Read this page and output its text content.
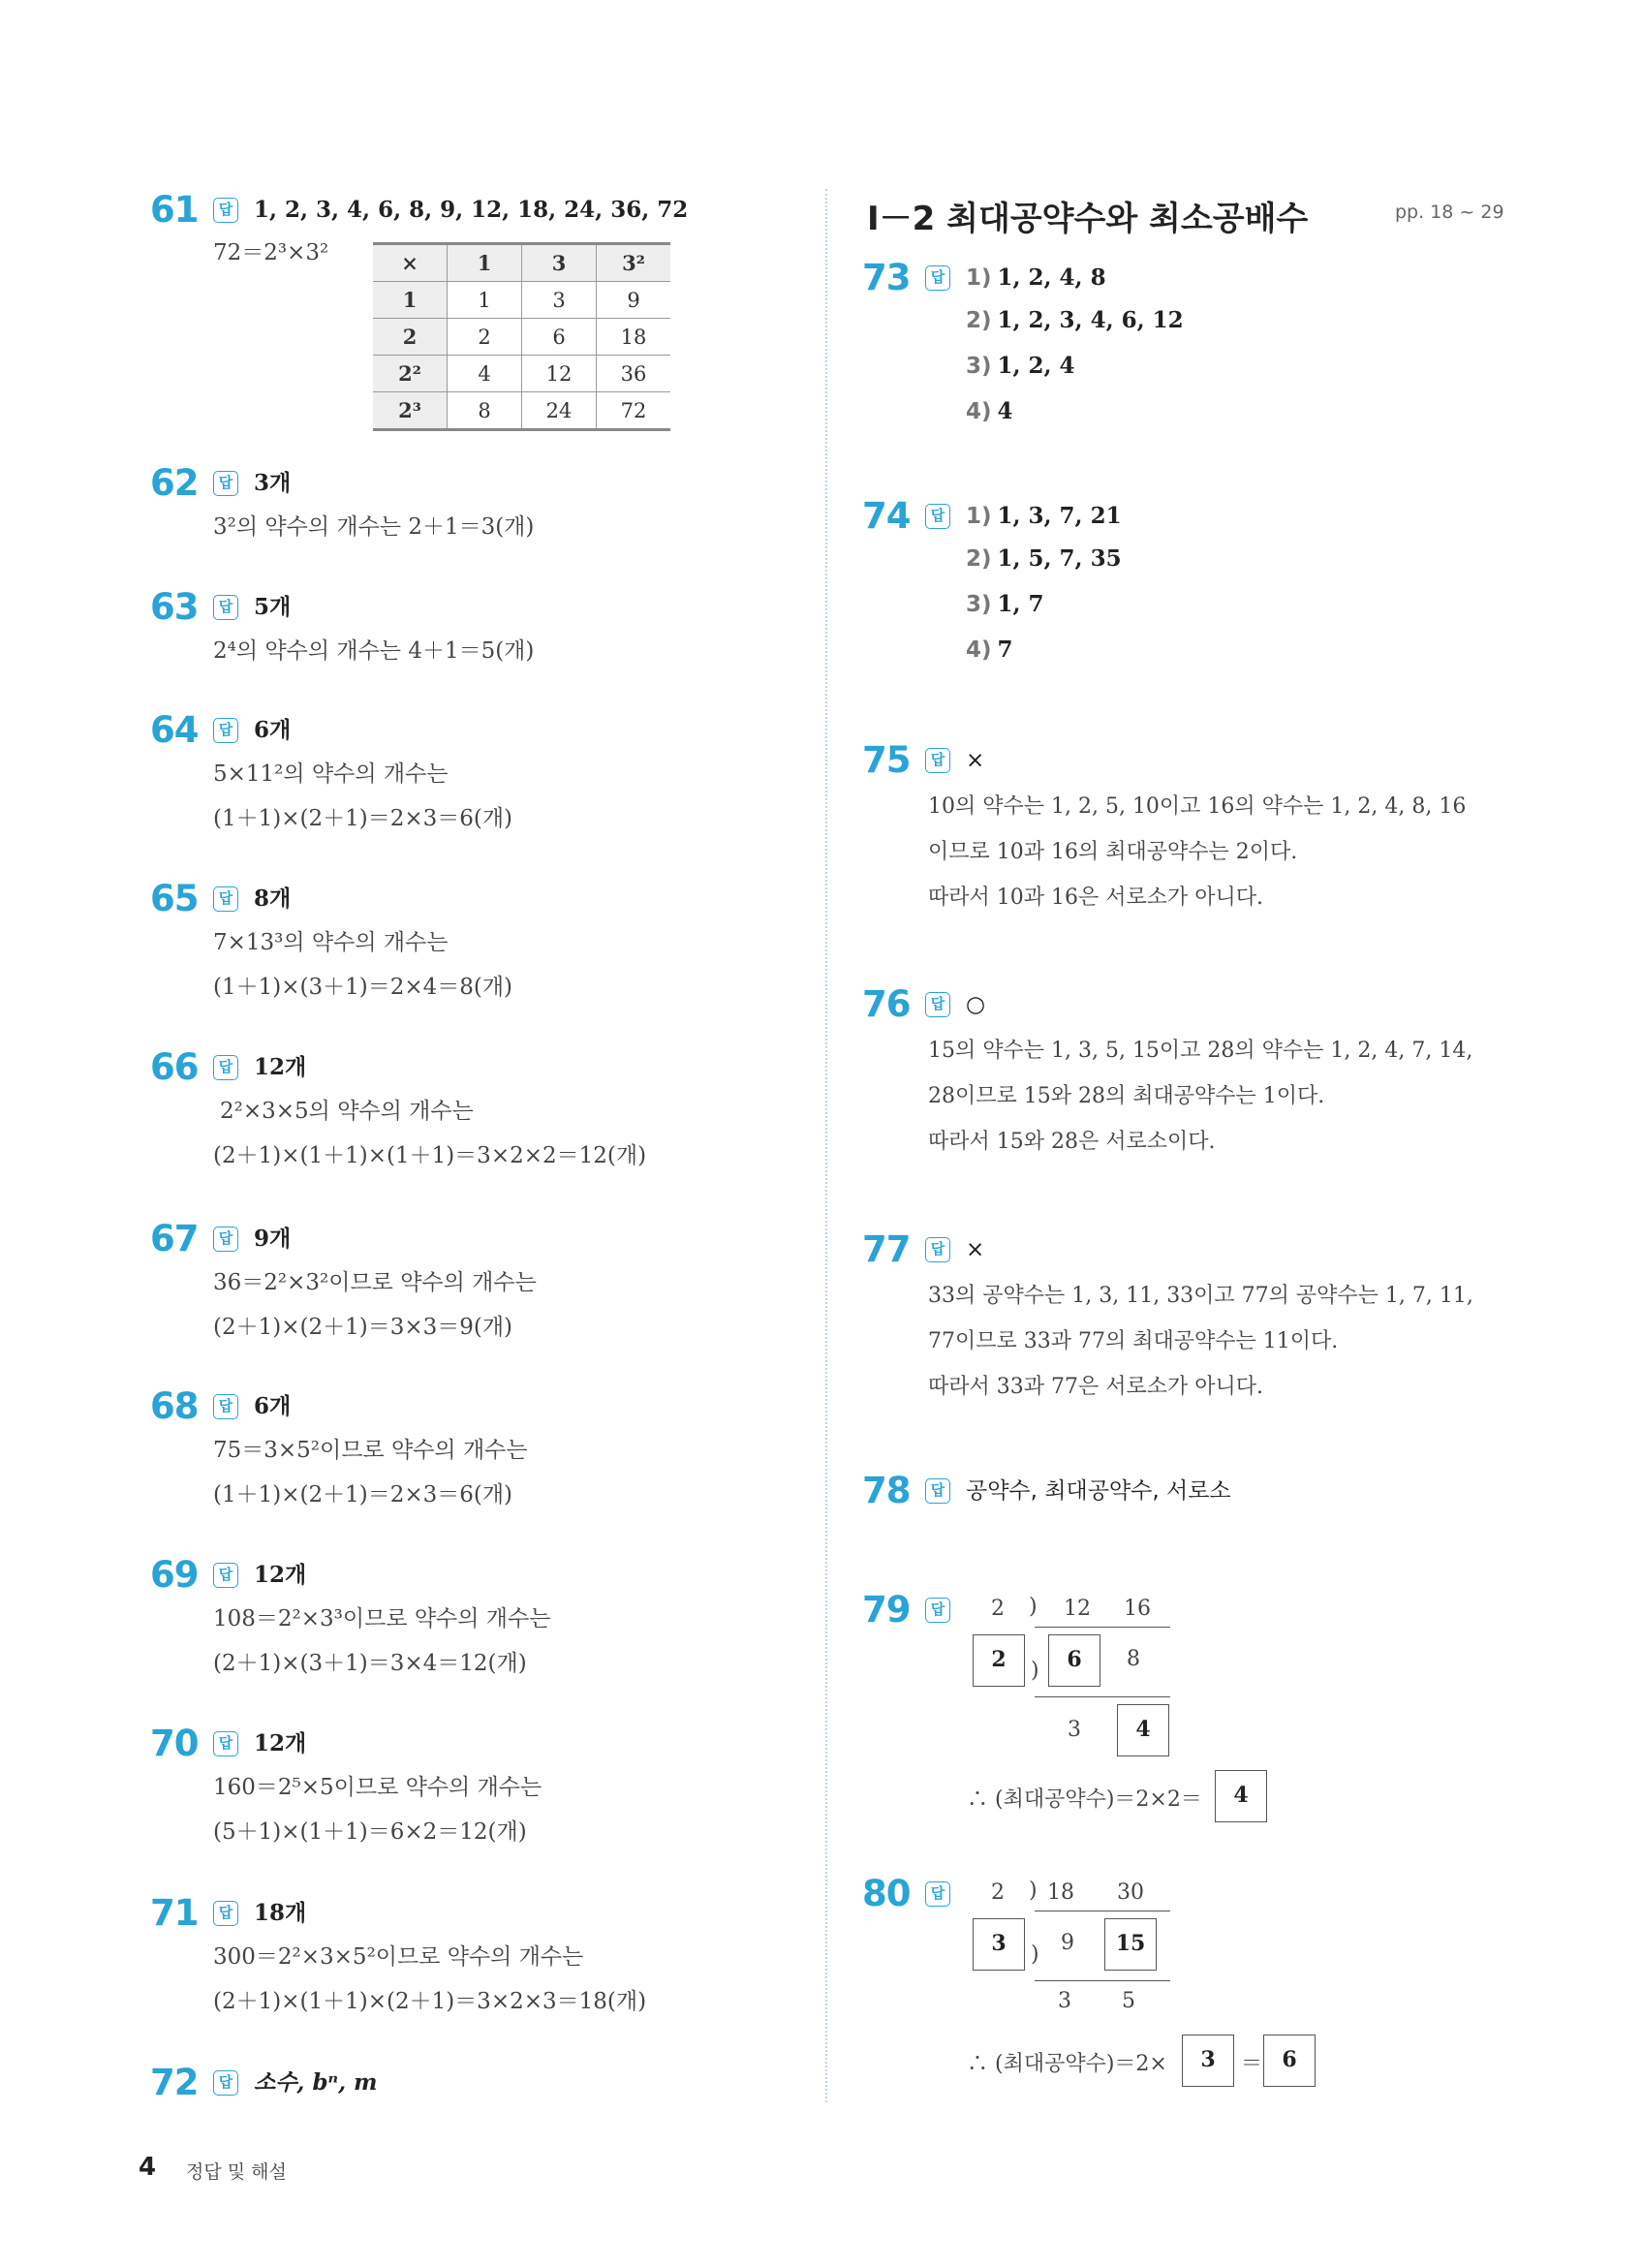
61	답 1, 2, 3, 4, 6, 8, 9, 12, 18, 24, 36, 72
72＝2³×3²	×	1	3	3²
1	1	3	9
2	2	6	18
2²	4	12	36
2³	8	24	72
62	답 3개
3²의 약수의 개수는 2＋1＝3(개)
63	답 5개
2⁴의 약수의 개수는 4＋1＝5(개)
64	답 6개
5×11²의 약수의 개수는
(1＋1)×(2＋1)＝2×3＝6(개)
65	답 8개
7×13³의 약수의 개수는
(1＋1)×(3＋1)＝2×4＝8(개)
66	답 12개
2²×3×5의 약수의 개수는
(2＋1)×(1＋1)×(1＋1)＝3×2×2＝12(개)
67	답 9개
36＝2²×3²이므로 약수의 개수는
(2＋1)×(2＋1)＝3×3＝9(개)
68	답 6개
75＝3×5²이므로 약수의 개수는
(1＋1)×(2＋1)＝2×3＝6(개)
69	답 12개
108＝2²×3³이므로 약수의 개수는
(2＋1)×(3＋1)＝3×4＝12(개)
70	답 12개
160＝2⁵×5이므로 약수의 개수는
(5＋1)×(1＋1)＝6×2＝12(개)
71	답 18개
300＝2²×3×5²이므로 약수의 개수는
(2＋1)×(1＋1)×(2＋1)＝3×2×3＝18(개)
72	답 소수, bⁿ, m
Ⅰ－2 최대공약수와 최소공배수	pp. 18 ~ 29
73	답 1) 1, 2, 4, 8
2) 1, 2, 3, 4, 6, 12
3) 1, 2, 4
4) 4
74	답 1) 1, 3, 7, 21
2) 1, 5, 7, 35
3) 1, 7
4) 7
75	답 ×
10의 약수는 1, 2, 5, 10이고 16의 약수는 1, 2, 4, 8, 16
이므로 10과 16의 최대공약수는 2이다.
따라서 10과 16은 서로소가 아니다.
76	답 ○
15의 약수는 1, 3, 5, 15이고 28의 약수는 1, 2, 4, 7, 14,
28이므로 15와 28의 최대공약수는 1이다.
따라서 15와 28은 서로소이다.
77	답 ×
33의 공약수는 1, 3, 11, 33이고 77의 공약수는 1, 7, 11,
77이므로 33과 77의 최대공약수는 11이다.
따라서 33과 77은 서로소가 아니다.
78	답 공약수, 최대공약수, 서로소
79	답 2 ) 12 16
2	)	6	8
3	4
∴ (최대공약수)＝2×2＝	4
80	답 2 ) 18 30
3	) 9	15
3 5
∴ (최대공약수)＝2×	3	＝ 6
4 정답 및 해설
